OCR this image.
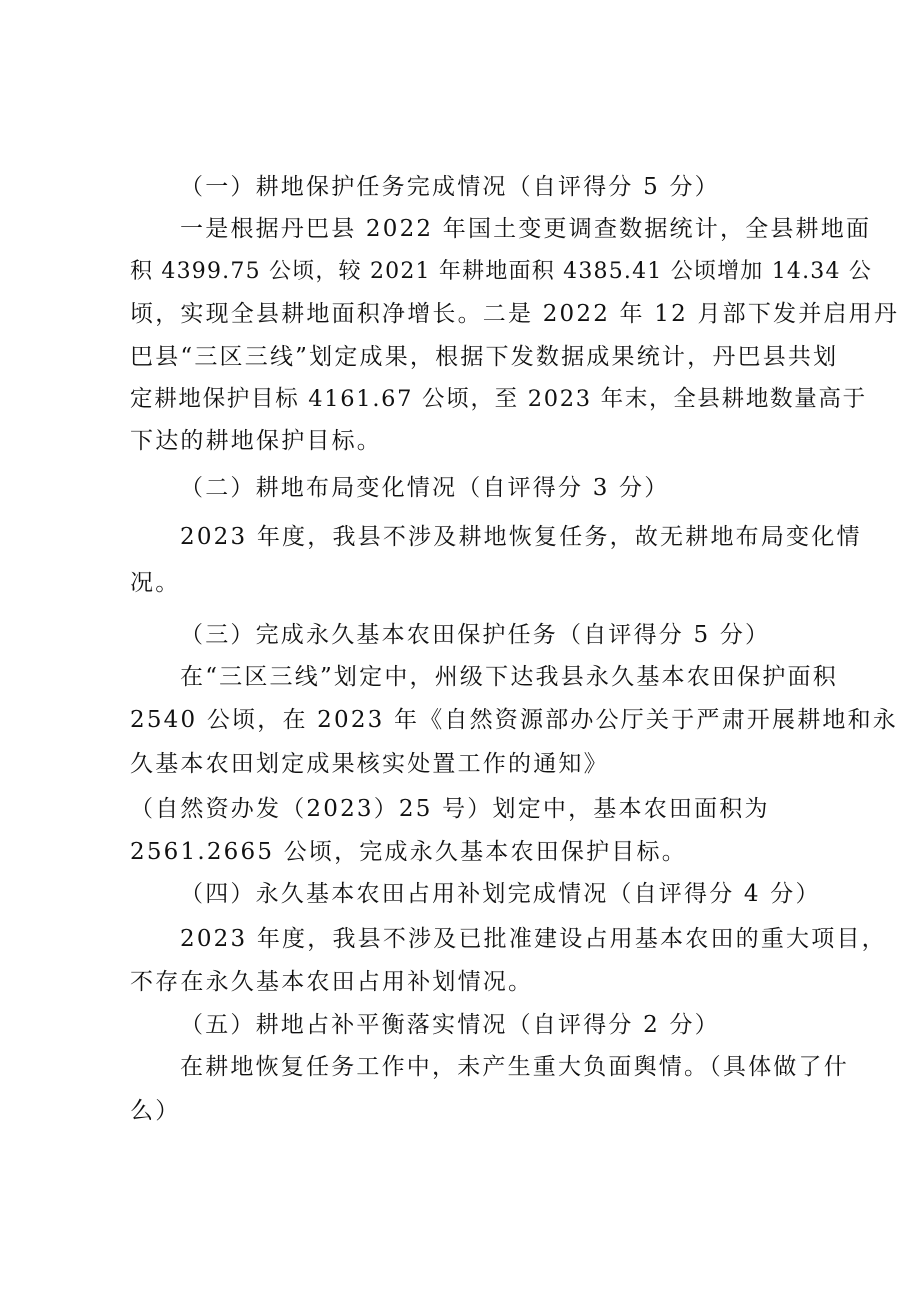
（一）耕地保护任务完成情况（自评得分 5 分）
一是根据丹巴县 2022 年国土变更调查数据统计，全县耕地面
积 4399.75 公顷，较 2021 年耕地面积 4385.41 公顷增加 14.34 公
顷，实现全县耕地面积净增长。二是 2022 年 12 月部下发并启用丹
巴县“三区三线”划定成果，根据下发数据成果统计，丹巴县共划
定耕地保护目标 4161.67 公顷，至 2023 年末，全县耕地数量高于
下达的耕地保护目标。
（二）耕地布局变化情况（自评得分 3 分）
2023 年度，我县不涉及耕地恢复任务，故无耕地布局变化情
况。
（三）完成永久基本农田保护任务（自评得分 5 分）
在“三区三线”划定中，州级下达我县永久基本农田保护面积
2540 公顷，在 2023 年《自然资源部办公厅关于严肃开展耕地和永
久基本农田划定成果核实处置工作的通知》
（自然资办发（2023）25 号）划定中，基本农田面积为
2561.2665 公顷，完成永久基本农田保护目标。
（四）永久基本农田占用补划完成情况（自评得分 4 分）
2023 年度，我县不涉及已批准建设占用基本农田的重大项目，
不存在永久基本农田占用补划情况。
（五）耕地占补平衡落实情况（自评得分 2 分）
在耕地恢复任务工作中，未产生重大负面舆情。（具体做了什
么）
